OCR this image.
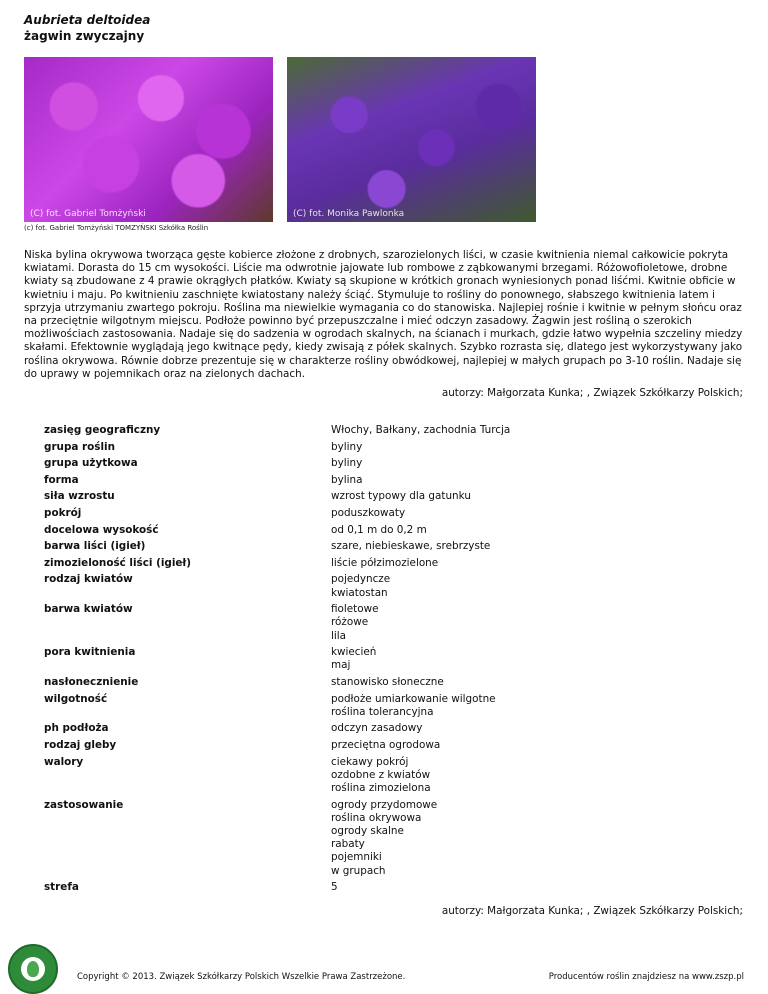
Aubrieta deltoidea
żagwin zwyczajny
(C) fot. Gabriel Tomżyński	(C) fot. Monika Pawlonka
(c) fot. Gabriel Tomżyński TOMZYŃSKI Szkółka Roślin

Niska bylina okrywowa tworząca gęste kobierce złożone z drobnych, szarozielonych liści, w czasie kwitnienia niemal całkowicie pokryta kwiatami. Dorasta do 15 cm wysokości. Liście ma odwrotnie jajowate lub rombowe z ząbkowanymi brzegami. Różowofioletowe, drobne kwiaty są zbudowane z 4 prawie okrągłych płatków. Kwiaty są skupione w krótkich gronach wyniesionych ponad liśćmi. Kwitnie obficie w kwietniu i maju. Po kwitnieniu zaschnięte kwiatostany należy ściąć. Stymuluje to rośliny do ponownego, słabszego kwitnienia latem i sprzyja utrzymaniu zwartego pokroju. Roślina ma niewielkie wymagania co do stanowiska. Najlepiej rośnie i kwitnie w pełnym słońcu oraz na przeciętnie wilgotnym miejscu. Podłoże powinno być przepuszczalne i mieć odczyn zasadowy. Żagwin jest rośliną o szerokich możliwościach zastosowania. Nadaje się do sadzenia w ogrodach skalnych, na ścianach i murkach, gdzie łatwo wypełnia szczeliny miedzy skałami. Efektownie wyglądają jego kwitnące pędy, kiedy zwisają z półek skalnych. Szybko rozrasta się, dlatego jest wykorzystywany jako roślina okrywowa. Równie dobrze prezentuje się w charakterze rośliny obwódkowej, najlepiej w małych grupach po 3-10 roślin. Nadaje się do uprawy w pojemnikach oraz na zielonych dachach.

autorzy: Małgorzata Kunka; , Związek Szkółkarzy Polskich;
zasięg geograficzny	Włochy, Bałkany, zachodnia Turcja
grupa roślin	byliny
grupa użytkowa	byliny
forma	bylina
siła wzrostu	wzrost typowy dla gatunku
pokrój	poduszkowaty
docelowa wysokość	od 0,1 m do 0,2 m
barwa liści (igieł)	szare, niebieskawe, srebrzyste
zimozieloność liści (igieł)	liście półzimozielone
rodzaj kwiatów	pojedyncze
kwiatostan
barwa kwiatów	fioletowe
różowe
lila
pora kwitnienia	kwiecień
maj
nasłonecznienie	stanowisko słoneczne
wilgotność	podłoże umiarkowanie wilgotne
roślina tolerancyjna
ph podłoża	odczyn zasadowy
rodzaj gleby	przeciętna ogrodowa
walory	ciekawy pokrój
ozdobne z kwiatów
roślina zimozielona
zastosowanie	ogrody przydomowe
roślina okrywowa
ogrody skalne
rabaty
pojemniki
w grupach
strefa	5
autorzy: Małgorzata Kunka; , Związek Szkółkarzy Polskich;
Copyright © 2013. Związek Szkółkarzy Polskich Wszelkie Prawa Zastrzeżone.	Producentów roślin znajdziesz na www.zszp.pl
